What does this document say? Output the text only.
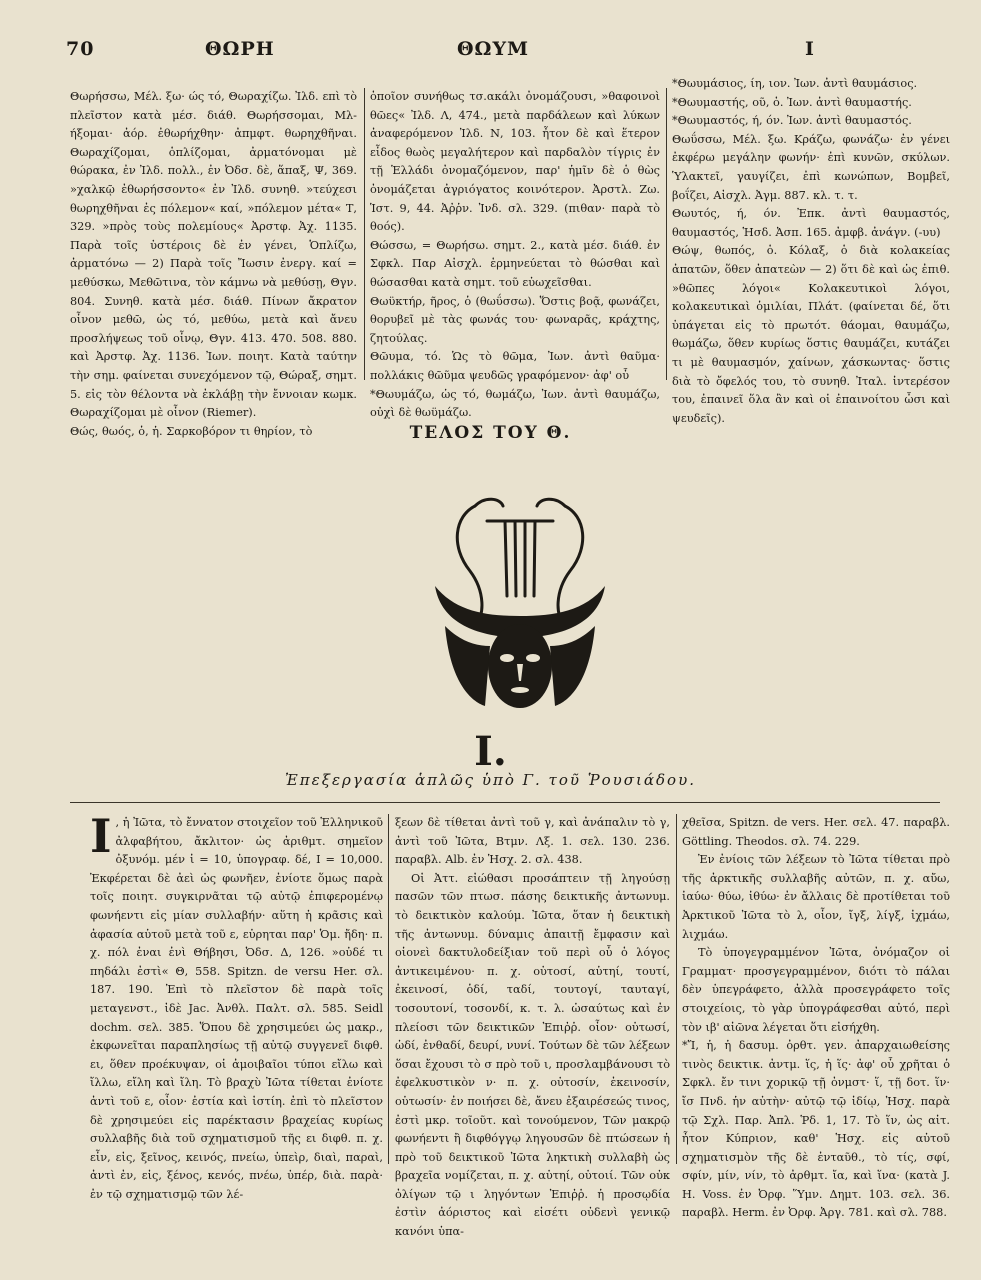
70	ΘΩΡΗ	ΘΩΥΜ	I

Θωρήσσω, Μέλ. ξω· ώς τό, Θωραχίζω. Ἰλδ. επὶ τὸ πλεῖστον κατὰ μέσ. διάθ. Θωρήσσομαι, Μλ-ήξομαι· ἀόρ. ἐθωρήχθην· ἀπμφτ. θωρηχθῆναι. Θωραχίζομαι, ὁπλίζομαι, ἀρματόνομαι μὲ θώρακα, ἐν Ἰλδ. πολλ., ἐν Ὀδσ. δὲ, ἅπαξ, Ψ, 369. »χαλκῷ ἐθωρήσσοντο« ἐν Ἰλδ. συνηθ. »τεύχεσι θωρηχθῆναι ἐς πόλεμον« καί, »πόλεμον μέτα« Τ, 329. »πρὸς τοὺς πολεμίους« Ἀρστφ. Ἀχ. 1135. Παρὰ τοῖς ὑστέροις δὲ ἐν γένει, Ὁπλίζω, ἀρματόνω — 2) Παρὰ τοῖς Ἴωσιν ἐνεργ. καί = μεθύσκω, Μεθῶτινα, τὸν κάμνω νὰ μεθύσῃ, Θγν. 804. Συνηθ. κατὰ μέσ. διάθ. Πίνων ἄκρατον οἶνον μεθῶ, ὡς τό, μεθύω, μετὰ καὶ ἄνευ προσλήψεως τοῦ οἶνῳ, Θγν. 413. 470. 508. 880. καὶ Ἀρστφ. Ἀχ. 1136. Ἰων. ποιητ. Κατὰ ταύτην τὴν σημ. φαίνεται συνεχόμενον τῷ, Θώραξ, σημτ. 5. εἰς τὸν θέλοντα νὰ ἐκλάβῃ τὴν ἔννοιαν κωμκ. Θωραχίζομαι μὲ οἶνον (Riemer).

Θώς, θωός, ὁ, ἡ. Σαρκοβόρον τι θηρίον, τὸ

ὁποῖον συνήθως τσ.ακάλι ὀνομάζουσι, »θαφοινοὶ θῶες« Ἰλδ. Λ, 474., μετὰ παρδάλεων καὶ λύκων ἀναφερόμενον Ἰλδ. Ν, 103. ἦτον δὲ καὶ ἕτερον εἶδος θωὸς μεγαλήτερον καὶ παρδαλὸν τίγρις ἐν τῇ Ἑλλάδι ὀνομαζόμενον, παρ' ἡμῖν δὲ ὁ θὼς ὀνομάζεται ἀγριόγατος κοινότερον. Ἀρστλ. Ζω. Ἱστ. 9, 44. Ἀῤῥν. Ἰνδ. σλ. 329. (πιθαν· παρὰ τὸ θοός).

Θώσσω, = Θωρήσω. σημτ. 2., κατὰ μέσ. διάθ. ἐν Σφκλ. Παρ Αἰσχλ. ἑρμηνεύεται τὸ θώσθαι καὶ θώσασθαι κατὰ σημτ. τοῦ εὐωχεῖσθαι.

Θωϋκτήρ, ῆρος, ὁ (θωΰσσω). Ὅστις βοᾷ, φωνάζει, θορυβεῖ μὲ τὰς φωνάς του· φωναρᾶς, κράχτης, ζητούλας.

Θῶυμα, τό. Ὡς τὸ θῶμα, Ἰων. ἀντὶ θαῦμα· πολλάκις θῶῦμα ψευδῶς γραφόμενον· ἀφ' οὗ

*Θωυμάζω, ὡς τό, θωμάζω, Ἰων. ἀντὶ θαυμάζω, οὐχὶ δὲ θωϋμάζω.

*Θωυμάσιος, ίη, ιον. Ἰων. ἀντὶ θαυμάσιος.

*Θωυμαστής, οῦ, ὁ. Ἰων. ἀντὶ θαυμαστής.

*Θωυμαστός, ή, όν. Ἰων. ἀντὶ θαυμαστός.

Θωΰσσω, Μέλ. ξω. Κράζω, φωνάζω· ἐν γένει ἐκφέρω μεγάλην φωνήν· ἐπὶ κυνῶν, σκύλων. Ὑλακτεῖ, γαυγίζει, ἐπὶ κωνώπων, Βομβεῖ, βοΐζει, Αἰσχλ. Ἀγμ. 887. κλ. τ. τ.

Θωυτός, ή, όν. Ἐπκ. ἀντὶ θαυμαστός, θαυμαστός, Ἡσδ. Ἀσπ. 165. ἀμφβ. ἀνάγν. (-υυ)

Θώψ, θωπός, ὁ. Κόλαξ, ὁ διὰ κολακείας ἀπατῶν, ὅθεν ἀπατεὼν — 2) ὅτι δὲ καὶ ὡς ἐπιθ. »θῶπες λόγοι« Κολακευτικοὶ λόγοι, κολακευτικαὶ ὁμιλίαι, Πλάτ. (φαίνεται δέ, ὅτι ὑπάγεται εἰς τὸ πρωτότ. θάομαι, θαυμάζω, θωμάζω, ὅθεν κυρίως ὅστις θαυμάζει, κυτάζει τι μὲ θαυμασμόν, χαίνων, χάσκωντας· ὅστις διὰ τὸ ὄφελός του, τὸ συνηθ. Ἰταλ. ἰντερέσον του, ἐπαινεῖ ὅλα ἂν καὶ οἱ ἐπαινοίτου ὦσι καὶ ψευδεῖς).

ΤΕΛΟΣ ΤΟΥ Θ.
I.
Ἐπεξεργασία ἁπλῶς ὑπὸ Γ. τοῦ Ῥουσιάδου.

I , ἡ Ἰῶτα, τὸ ἔννατον στοιχεῖον τοῦ Ἑλληνικοῦ ἀλφαβήτου, ἄκλιτον· ὡς ἀριθμτ. σημεῖον ὀξυνόμ. μέν ἰ = 10, ὑπογραφ. δέ, I = 10,000. Ἐκφέρεται δὲ ἀεὶ ὡς φωνῆεν, ἐνίοτε ὅμως παρὰ τοῖς ποιητ. συγκιρνᾶται τῷ αὐτῷ ἐπιφερομένῳ φωνήεντι εἰς μίαν συλλαβήν· αὕτη ἡ κρᾶσις καὶ ἀφασία αὐτοῦ μετὰ τοῦ ε, εὑρηται παρ' Ὁμ. ἤδη· π. χ. πόλ ἐναι ἐνὶ Θήβησι, Ὀδσ. Δ, 126. »οὐδέ τι πηδάλι ἐστὶ« Θ, 558. Spitzn. de versu Her. σλ. 187. 190. Ἐπὶ τὸ πλεῖστον δὲ παρὰ τοῖς μεταγενστ., ἰδὲ Jac. Ἀνθλ. Παλτ. σλ. 585. Seidl dochm. σελ. 385. Ὅπου δὲ χρησιμεύει ὡς μακρ., ἐκφωνεῖται παραπλησίως τῇ αὐτῷ συγγενεῖ διφθ. ει, ὅθεν προέκυψαν, οἱ ἀμοιβαῖοι τύποι εἴλω καὶ ἴλλω, εἴλη καὶ ἴλη. Τὸ βραχὺ Ἰῶτα τίθεται ἐνίοτε ἀντὶ τοῦ ε, οἷον· ἐστία καὶ ἱστίη. ἐπὶ τὸ πλεῖστον δὲ χρησιμεύει εἰς παρέκτασιν βραχείας κυρίως συλλαβῆς διὰ τοῦ σχηματισμοῦ τῆς ει διφθ. π. χ. εἶν, εἰς, ξεῖνος, κεινός, πνείω, ὑπεὶρ, διαὶ, παραὶ, ἀντὶ ἐν, εἰς, ξένος, κενός, πνέω, ὑπέρ, διὰ. παρὰ· ἐν τῷ σχηματισμῷ τῶν λέ-

ξεων δὲ τίθεται ἀντὶ τοῦ γ, καὶ ἀνάπαλιν τὸ γ, ἀντὶ τοῦ Ἰῶτα, Βτμν. Λξ. 1. σελ. 130. 236. παραβλ. Alb. ἐν Ἡσχ. 2. σλ. 438.

Οἱ Ἀττ. εἰώθασι προσάπτειν τῇ ληγούσῃ πασῶν τῶν πτωσ. πάσης δεικτικῆς ἀντωνυμ. τὸ δεικτικὸν καλούμ. Ἰῶτα, ὅταν ἡ δεικτικὴ τῆς ἀντωνυμ. δύναμις ἀπαιτῇ ἔμφασιν καὶ οἱονεὶ δακτυλοδείξιαν τοῦ περὶ οὗ ὁ λόγος ἀντικειμένου· π. χ. οὑτοσί, αὑτηί, τουτί, ἐκεινοσί, ὁδί, ταδί, τουτογί, ταυταγί, τοσουτονί, τοσονδί, κ. τ. λ. ὡσαύτως καὶ ἐν πλείοσι τῶν δεικτικῶν Ἐπιῤῥ. οἷον· οὑτωσί, ὡδί, ἐνθαδί, δευρί, νυνί. Τούτων δὲ τῶν λέξεων ὅσαι ἔχουσι τὸ σ πρὸ τοῦ ι, προσλαμβάνουσι τὸ ἐφελκυστικὸν ν· π. χ. οὑτοσίν, ἐκεινοσίν, οὑτωσίν· ἐν ποιήσει δὲ, ἄνευ ἐξαιρέσεώς τινος, ἐστὶ μκρ. τοῖοῦτ. καὶ τονούμενον, Τῶν μακρῷ φωνήεντι ἢ διφθόγγῳ ληγουσῶν δὲ πτώσεων ἡ πρὸ τοῦ δεικτικοῦ Ἰῶτα ληκτικὴ συλλαβὴ ὡς βραχεῖα νομίζεται, π. χ. αὑτηί, οὑτοιί. Τῶν οὐκ ὀλίγων τῷ ι ληγόντων Ἐπιῤῥ. ἡ προσῳδία ἐστὶν ἀόριστος καὶ εἰσέτι οὐδενὶ γενικῷ κανόνι ὑπα-

χθεῖσα, Spitzn. de vers. Her. σελ. 47. παραβλ. Göttling. Theodos. σλ. 74. 229.

Ἐν ἐνίοις τῶν λέξεων τὸ Ἰῶτα τίθεται πρὸ τῆς ἀρκτικῆς συλλαβῆς αὐτῶν, π. χ. αὔω, ἰαύω· θύω, ἰθύω· ἐν ἄλλαις δὲ προτίθεται τοῦ Ἀρκτικοῦ Ἰῶτα τὸ λ, οἷον, ἴγξ, λίγξ, ἰχμάω, λιχμάω.

Τὸ ὑπογεγραμμένον Ἰῶτα, ὀνόμαζον οἱ Γραμματ· προσγεγραμμένον, διότι τὸ πάλαι δὲν ὑπεγράφετο, ἀλλὰ προσεγράφετο τοῖς στοιχείοις, τὸ γὰρ ὑπογράφεσθαι αὐτό, περὶ τὸν ιβ' αἰῶνα λέγεται ὅτι εἰσήχθη.

*Ἴ, ἡ, ἡ δασυμ. ὀρθτ. γεν. ἀπαρχαιωθείσης τινὸς δεικτικ. ἀντμ. ἵς, ἡ ἵς· ἀφ' οὗ χρῆται ὁ Σφκλ. ἔν τινι χορικῷ τῇ ὀνμστ· ἵ, τῇ δοτ. ἵν· ἴσ Πνδ. ἡν αὐτὴν· αὐτῷ τῷ ἰδίῳ, Ἡσχ. παρὰ τῷ Σχλ. Παρ. Ἀπλ. Ῥδ. 1, 17. Τὸ ἵν, ὡς αἰτ. ἦτον Κύπριον, καθ' Ἡσχ. εἰς αὐτοῦ σχηματισμὸν τῆς δὲ ἐνταῦθ., τὸ τίς, σφί, σφίν, μίν, νίν, τὸ ἀρθμτ. ἴα, καὶ ἵνα· (κατὰ J. H. Voss. ἐν Ὀρφ. Ὕμν. Δημτ. 103. σελ. 36. παραβλ. Herm. ἐν Ὀρφ. Ἀργ. 781. καὶ σλ. 788.
